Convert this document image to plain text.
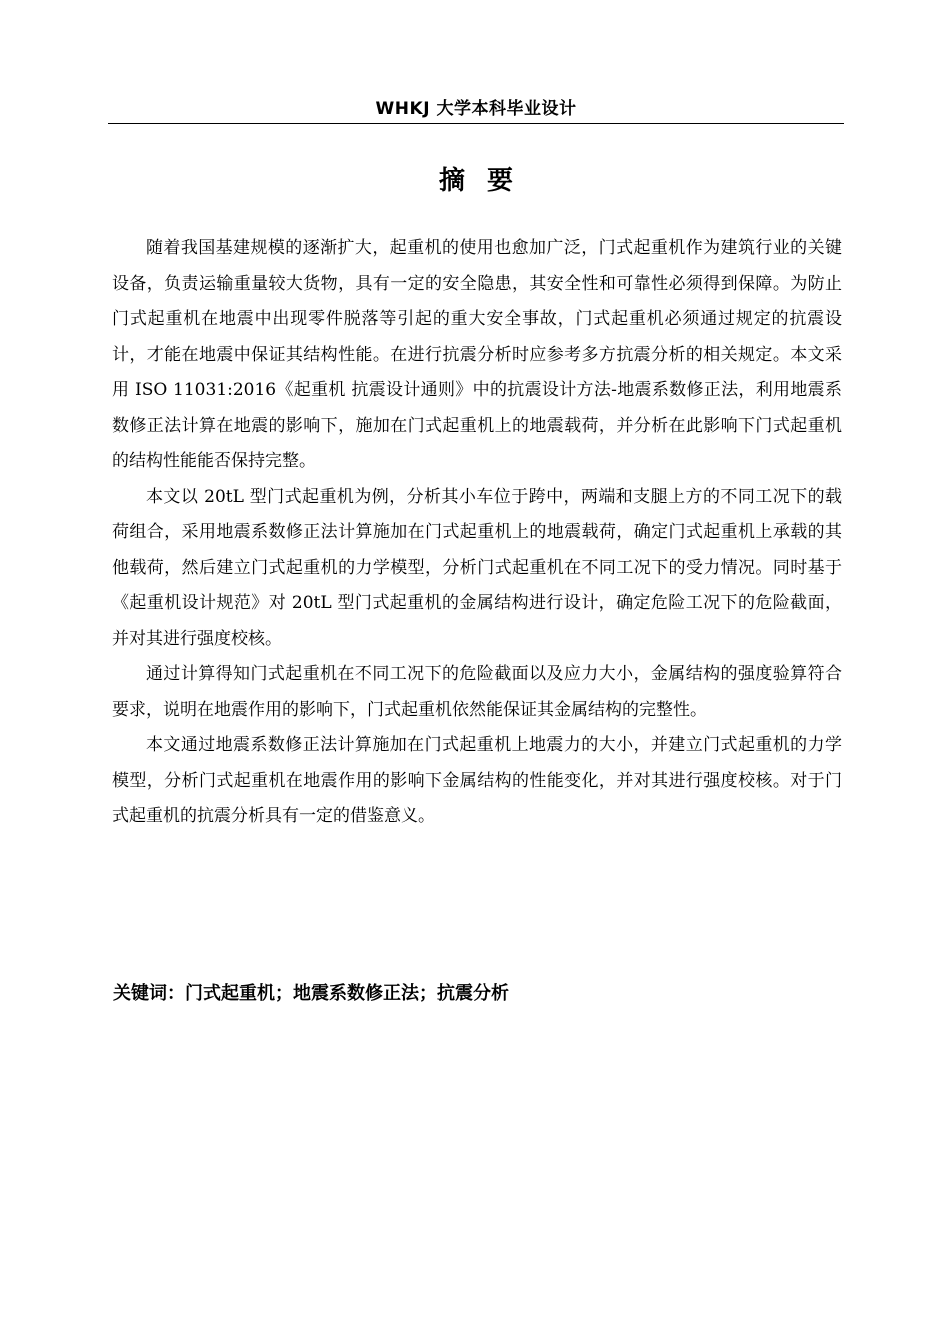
WHKJ 大学本科毕业设计
摘要

随着我国基建规模的逐渐扩大，起重机的使用也愈加广泛，门式起重机作为建筑行业的关键设备，负责运输重量较大货物，具有一定的安全隐患，其安全性和可靠性必须得到保障。为防止门式起重机在地震中出现零件脱落等引起的重大安全事故，门式起重机必须通过规定的抗震设计，才能在地震中保证其结构性能。在进行抗震分析时应参考多方抗震分析的相关规定。本文采用 ISO 11031:2016《起重机 抗震设计通则》中的抗震设计方法-地震系数修正法，利用地震系数修正法计算在地震的影响下，施加在门式起重机上的地震载荷，并分析在此影响下门式起重机的结构性能能否保持完整。

本文以 20tL 型门式起重机为例，分析其小车位于跨中，两端和支腿上方的不同工况下的载荷组合，采用地震系数修正法计算施加在门式起重机上的地震载荷，确定门式起重机上承载的其他载荷，然后建立门式起重机的力学模型，分析门式起重机在不同工况下的受力情况。同时基于《起重机设计规范》对 20tL 型门式起重机的金属结构进行设计，确定危险工况下的危险截面，并对其进行强度校核。

通过计算得知门式起重机在不同工况下的危险截面以及应力大小，金属结构的强度验算符合要求，说明在地震作用的影响下，门式起重机依然能保证其金属结构的完整性。

本文通过地震系数修正法计算施加在门式起重机上地震力的大小，并建立门式起重机的力学模型，分析门式起重机在地震作用的影响下金属结构的性能变化，并对其进行强度校核。对于门式起重机的抗震分析具有一定的借鉴意义。

关键词：门式起重机；地震系数修正法；抗震分析
